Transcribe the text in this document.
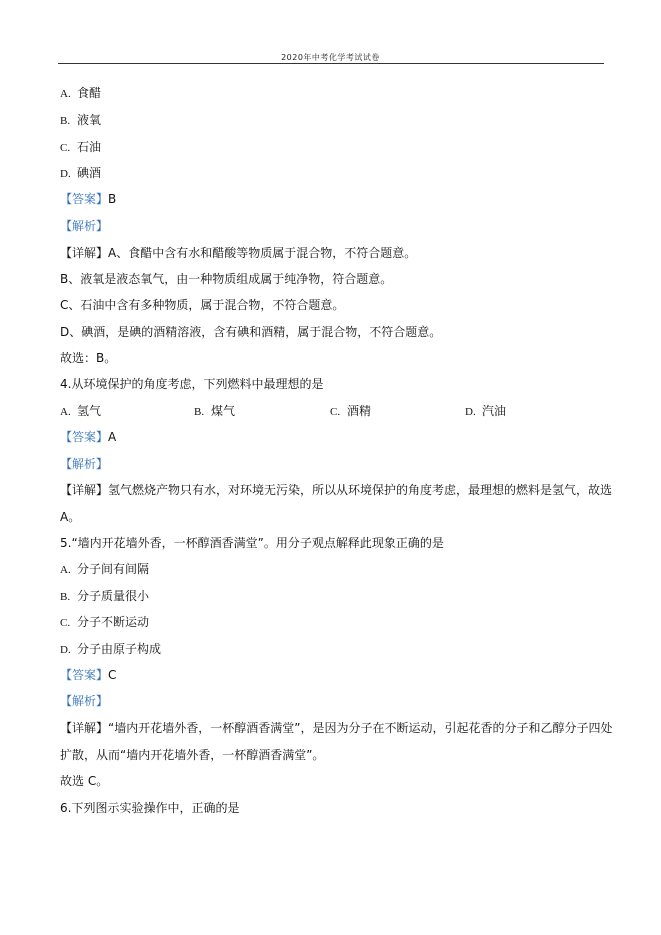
2020年中考化学考试试卷
A. 食醋
B. 液氧
C. 石油
D. 碘酒
【答案】B
【解析】
【详解】A、食醋中含有水和醋酸等物质属于混合物，不符合题意。
B、液氧是液态氧气，由一种物质组成属于纯净物，符合题意。
C、石油中含有多种物质，属于混合物，不符合题意。
D、碘酒，是碘的酒精溶液，含有碘和酒精，属于混合物，不符合题意。
故选：B。
4.从环境保护的角度考虑，下列燃料中最理想的是
A. 氢气	B. 煤气	C. 酒精	D. 汽油
【答案】A
【解析】
【详解】氢气燃烧产物只有水，对环境无污染，所以从环境保护的角度考虑，最理想的燃料是氢气，故选
A。
5.“墙内开花墙外香，一杯醇酒香满堂”。用分子观点解释此现象正确的是
A. 分子间有间隔
B. 分子质量很小
C. 分子不断运动
D. 分子由原子构成
【答案】C
【解析】
【详解】“墙内开花墙外香，一杯醇酒香满堂”，是因为分子在不断运动，引起花香的分子和乙醇分子四处
扩散，从而“墙内开花墙外香，一杯醇酒香满堂”。
故选 C。
6.下列图示实验操作中，正确的是
